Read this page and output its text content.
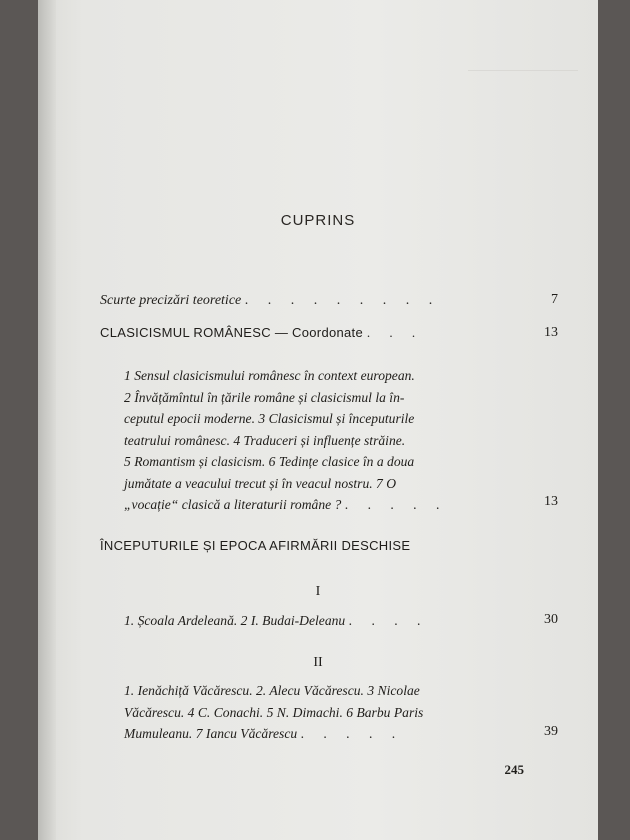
CUPRINS
Scurte precizări teoretice . . . . . . . . .	7
CLASICISMUL ROMÂNESC — Coordonate . . .	13
1 Sensul clasicismului românesc în context european.
2 Învățămîntul în țările române și clasicismul la în-
ceputul epocii moderne. 3 Clasicismul și începuturile
teatrului românesc. 4 Traduceri și influențe străine.
5 Romantism și clasicism. 6 Tedințe clasice în a doua
jumătate a veacului trecut și în veacul nostru. 7 O
„vocație“ clasică a literaturii române ? . . . . .	13
ÎNCEPUTURILE ȘI EPOCA AFIRMĂRII DESCHISE
I
1. Școala Ardeleană. 2 I. Budai-Deleanu . . . .	30
II
1. Ienăchiță Văcărescu. 2. Alecu Văcărescu. 3 Nicolae
Văcărescu. 4 C. Conachi. 5 N. Dimachi. 6 Barbu Paris
Mumuleanu. 7 Iancu Văcărescu . . . . .	39
245
